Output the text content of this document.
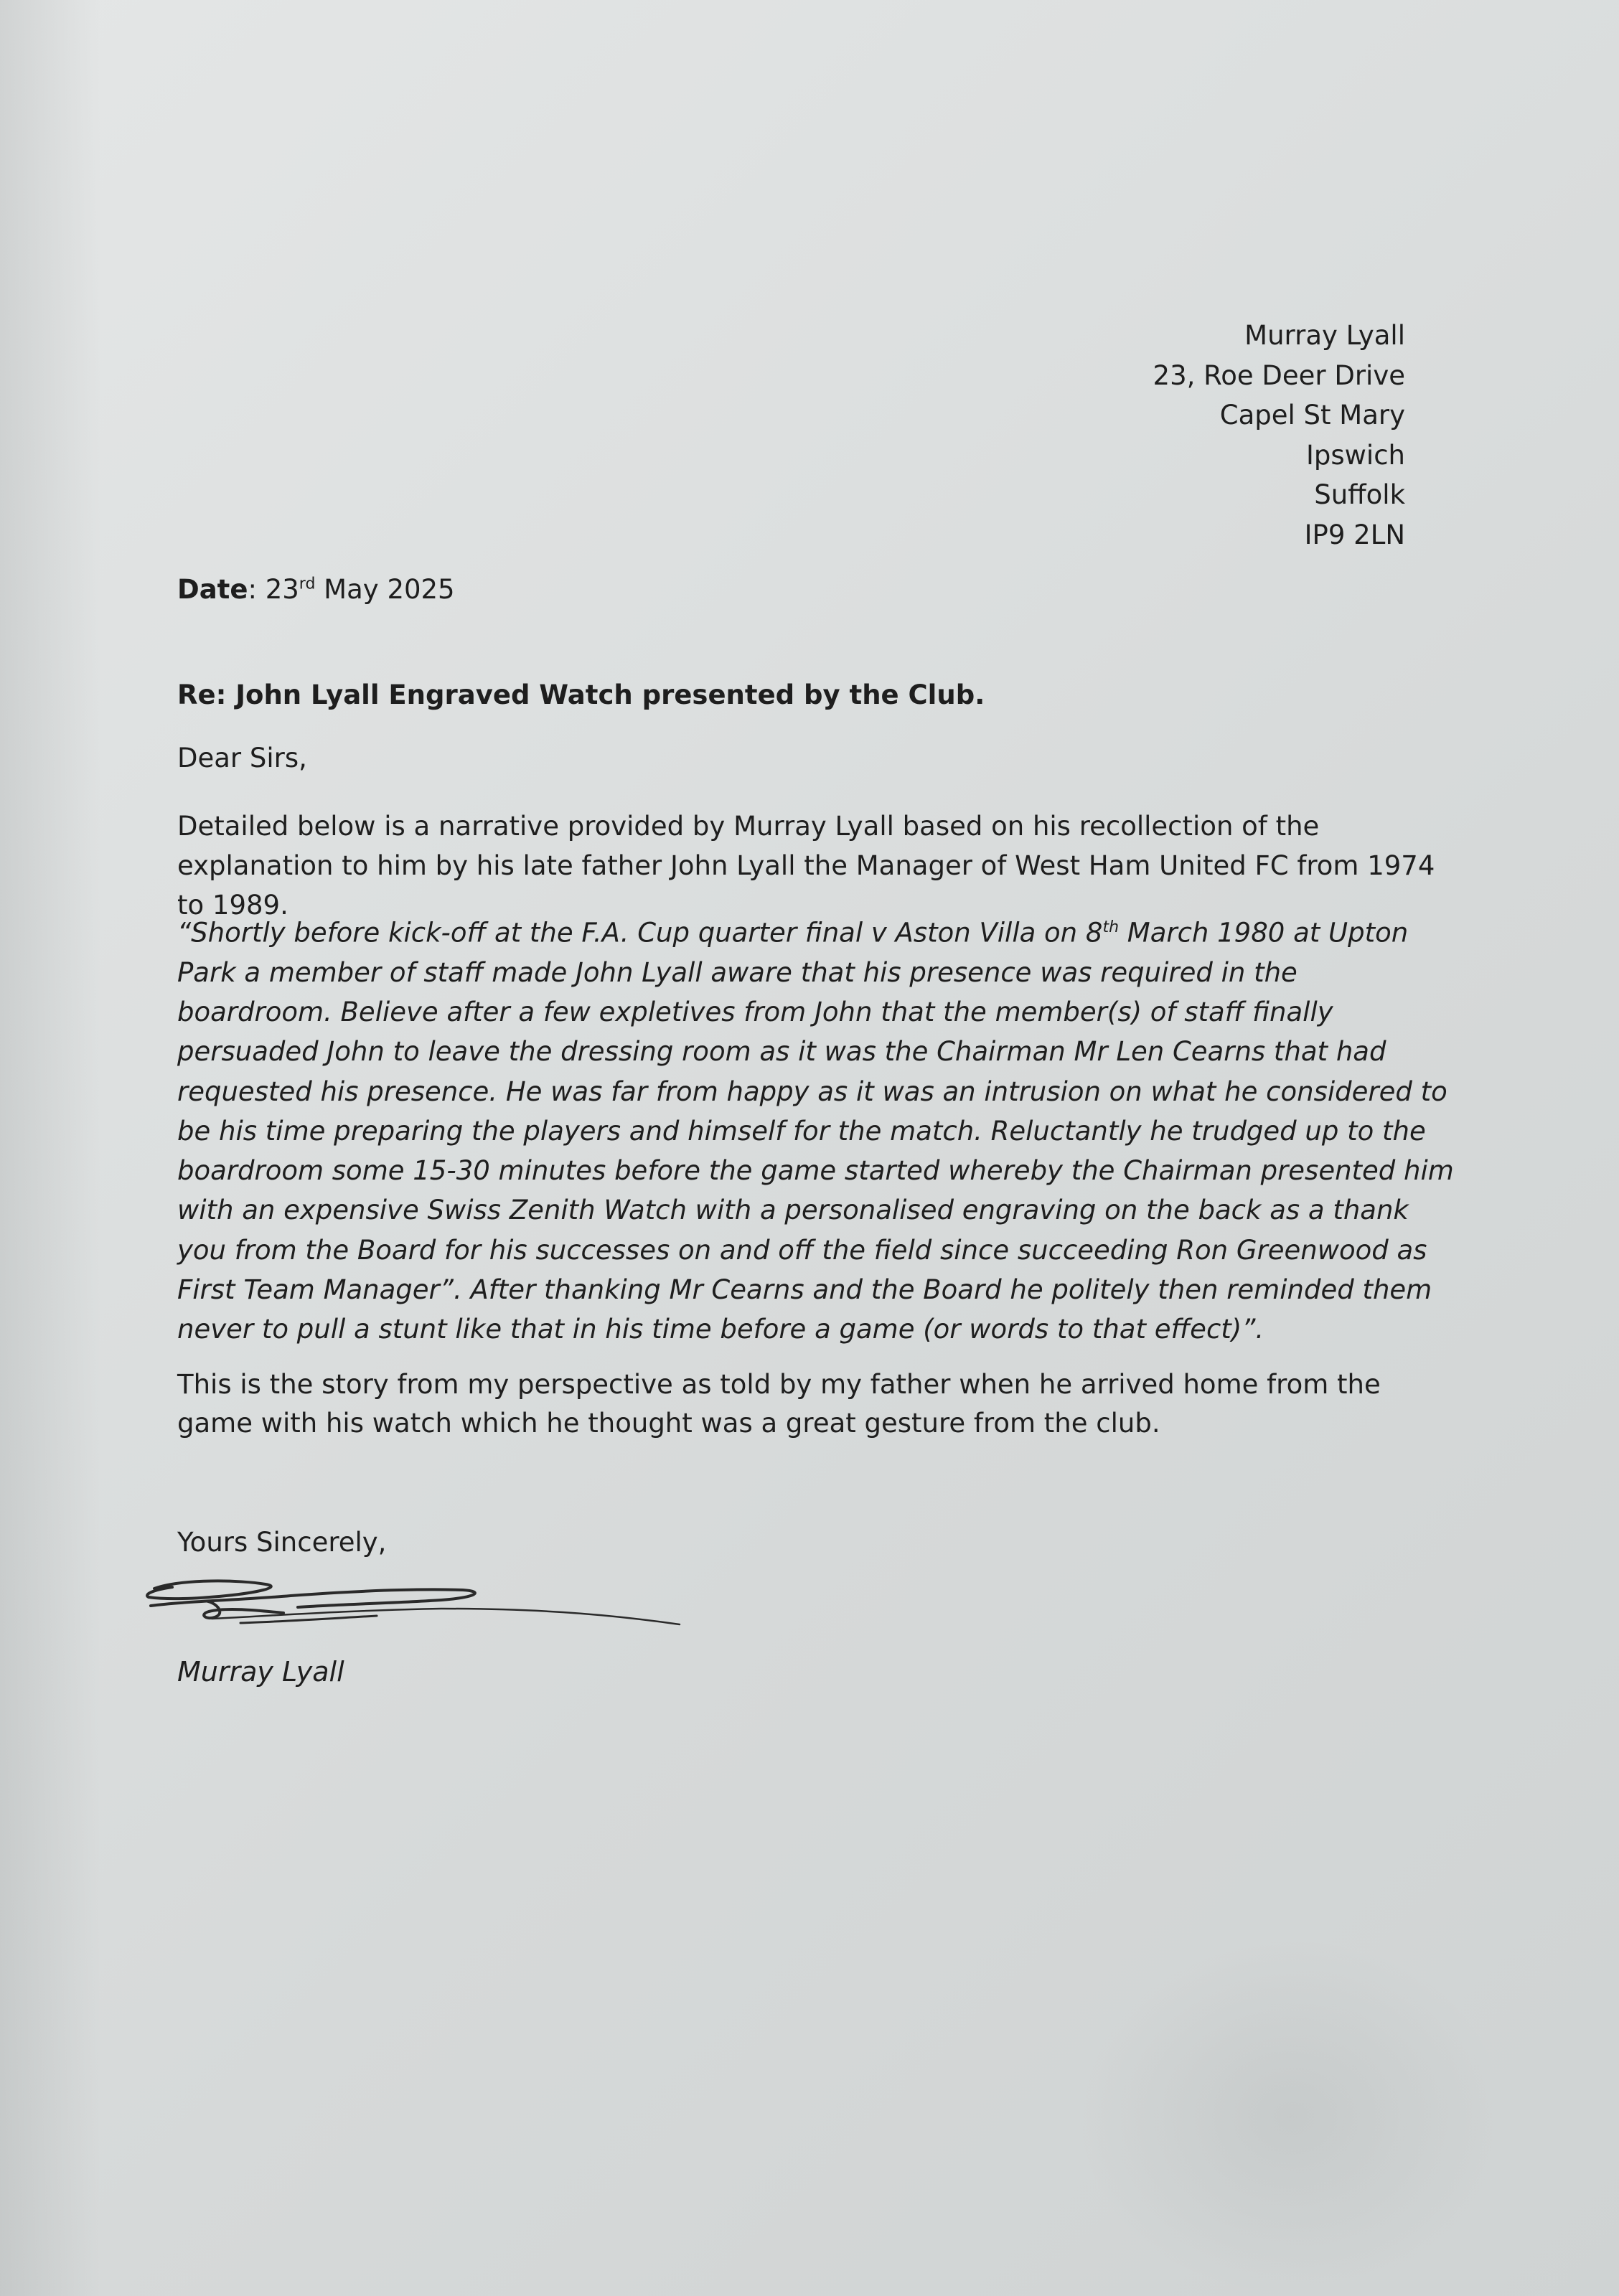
Murray Lyall
23, Roe Deer Drive
Capel St Mary
Ipswich
Suffolk
IP9 2LN
Date: 23rd May 2025
Re: John Lyall Engraved Watch presented by the Club.
Dear Sirs,
Detailed below is a narrative provided by Murray Lyall based on his recollection of the explanation to him by his late father John Lyall the Manager of West Ham United FC from 1974 to 1989.
“Shortly before kick-off at the F.A. Cup quarter final v Aston Villa on 8th March 1980 at Upton Park a member of staff made John Lyall aware that his presence was required in the boardroom. Believe after a few expletives from John that the member(s) of staff finally persuaded John to leave the dressing room as it was the Chairman Mr Len Cearns that had requested his presence. He was far from happy as it was an intrusion on what he considered to be his time preparing the players and himself for the match. Reluctantly he trudged up to the boardroom some 15-30 minutes before the game started whereby the Chairman presented him with an expensive Swiss Zenith Watch with a personalised engraving on the back as a thank you from the Board for his successes on and off the field since succeeding Ron Greenwood as First Team Manager”. After thanking Mr Cearns and the Board he politely then reminded them never to pull a stunt like that in his time before a game (or words to that effect)”.
This is the story from my perspective as told by my father when he arrived home from the game with his watch which he thought was a great gesture from the club.
Yours Sincerely,
Murray Lyall
